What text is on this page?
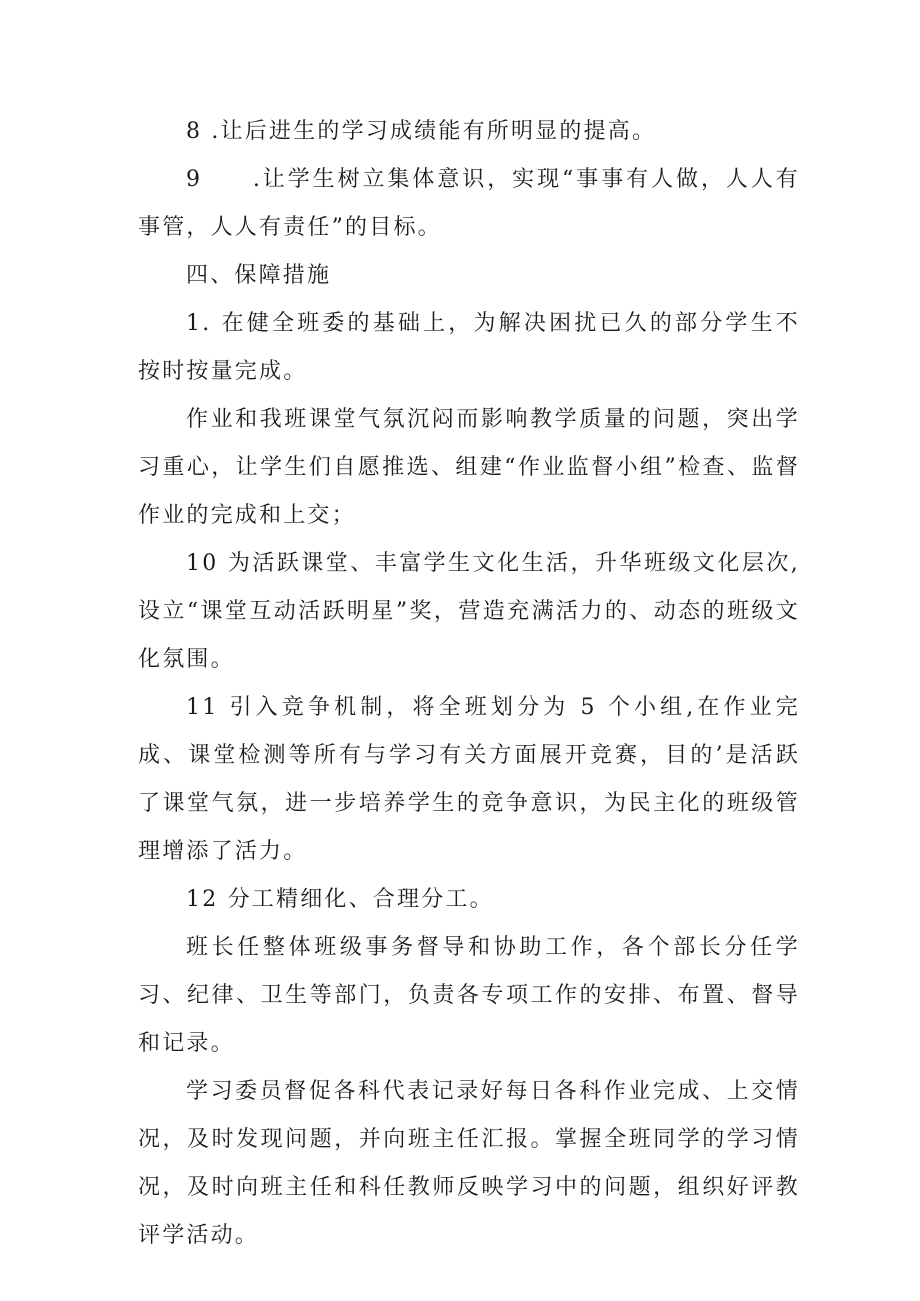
8 .让后进生的学习成绩能有所明显的提高。

9　　.让学生树立集体意识，实现“事事有人做，人人有事管，人人有责任”的目标。

四、保障措施

1. 在健全班委的基础上，为解决困扰已久的部分学生不按时按量完成。

作业和我班课堂气氛沉闷而影响教学质量的问题，突出学习重心，让学生们自愿推选、组建“作业监督小组”检查、监督作业的完成和上交；

10 为活跃课堂、丰富学生文化生活，升华班级文化层次,设立“课堂互动活跃明星”奖，营造充满活力的、动态的班级文化氛围。

11 引入竞争机制，将全班划分为 5 个小组,在作业完成、课堂检测等所有与学习有关方面展开竞赛，目的’是活跃了课堂气氛，进一步培养学生的竞争意识，为民主化的班级管理增添了活力。

12 分工精细化、合理分工。

班长任整体班级事务督导和协助工作，各个部长分任学习、纪律、卫生等部门，负责各专项工作的安排、布置、督导和记录。

学习委员督促各科代表记录好每日各科作业完成、上交情况，及时发现问题，并向班主任汇报。掌握全班同学的学习情况，及时向班主任和科任教师反映学习中的问题，组织好评教评学活动。
